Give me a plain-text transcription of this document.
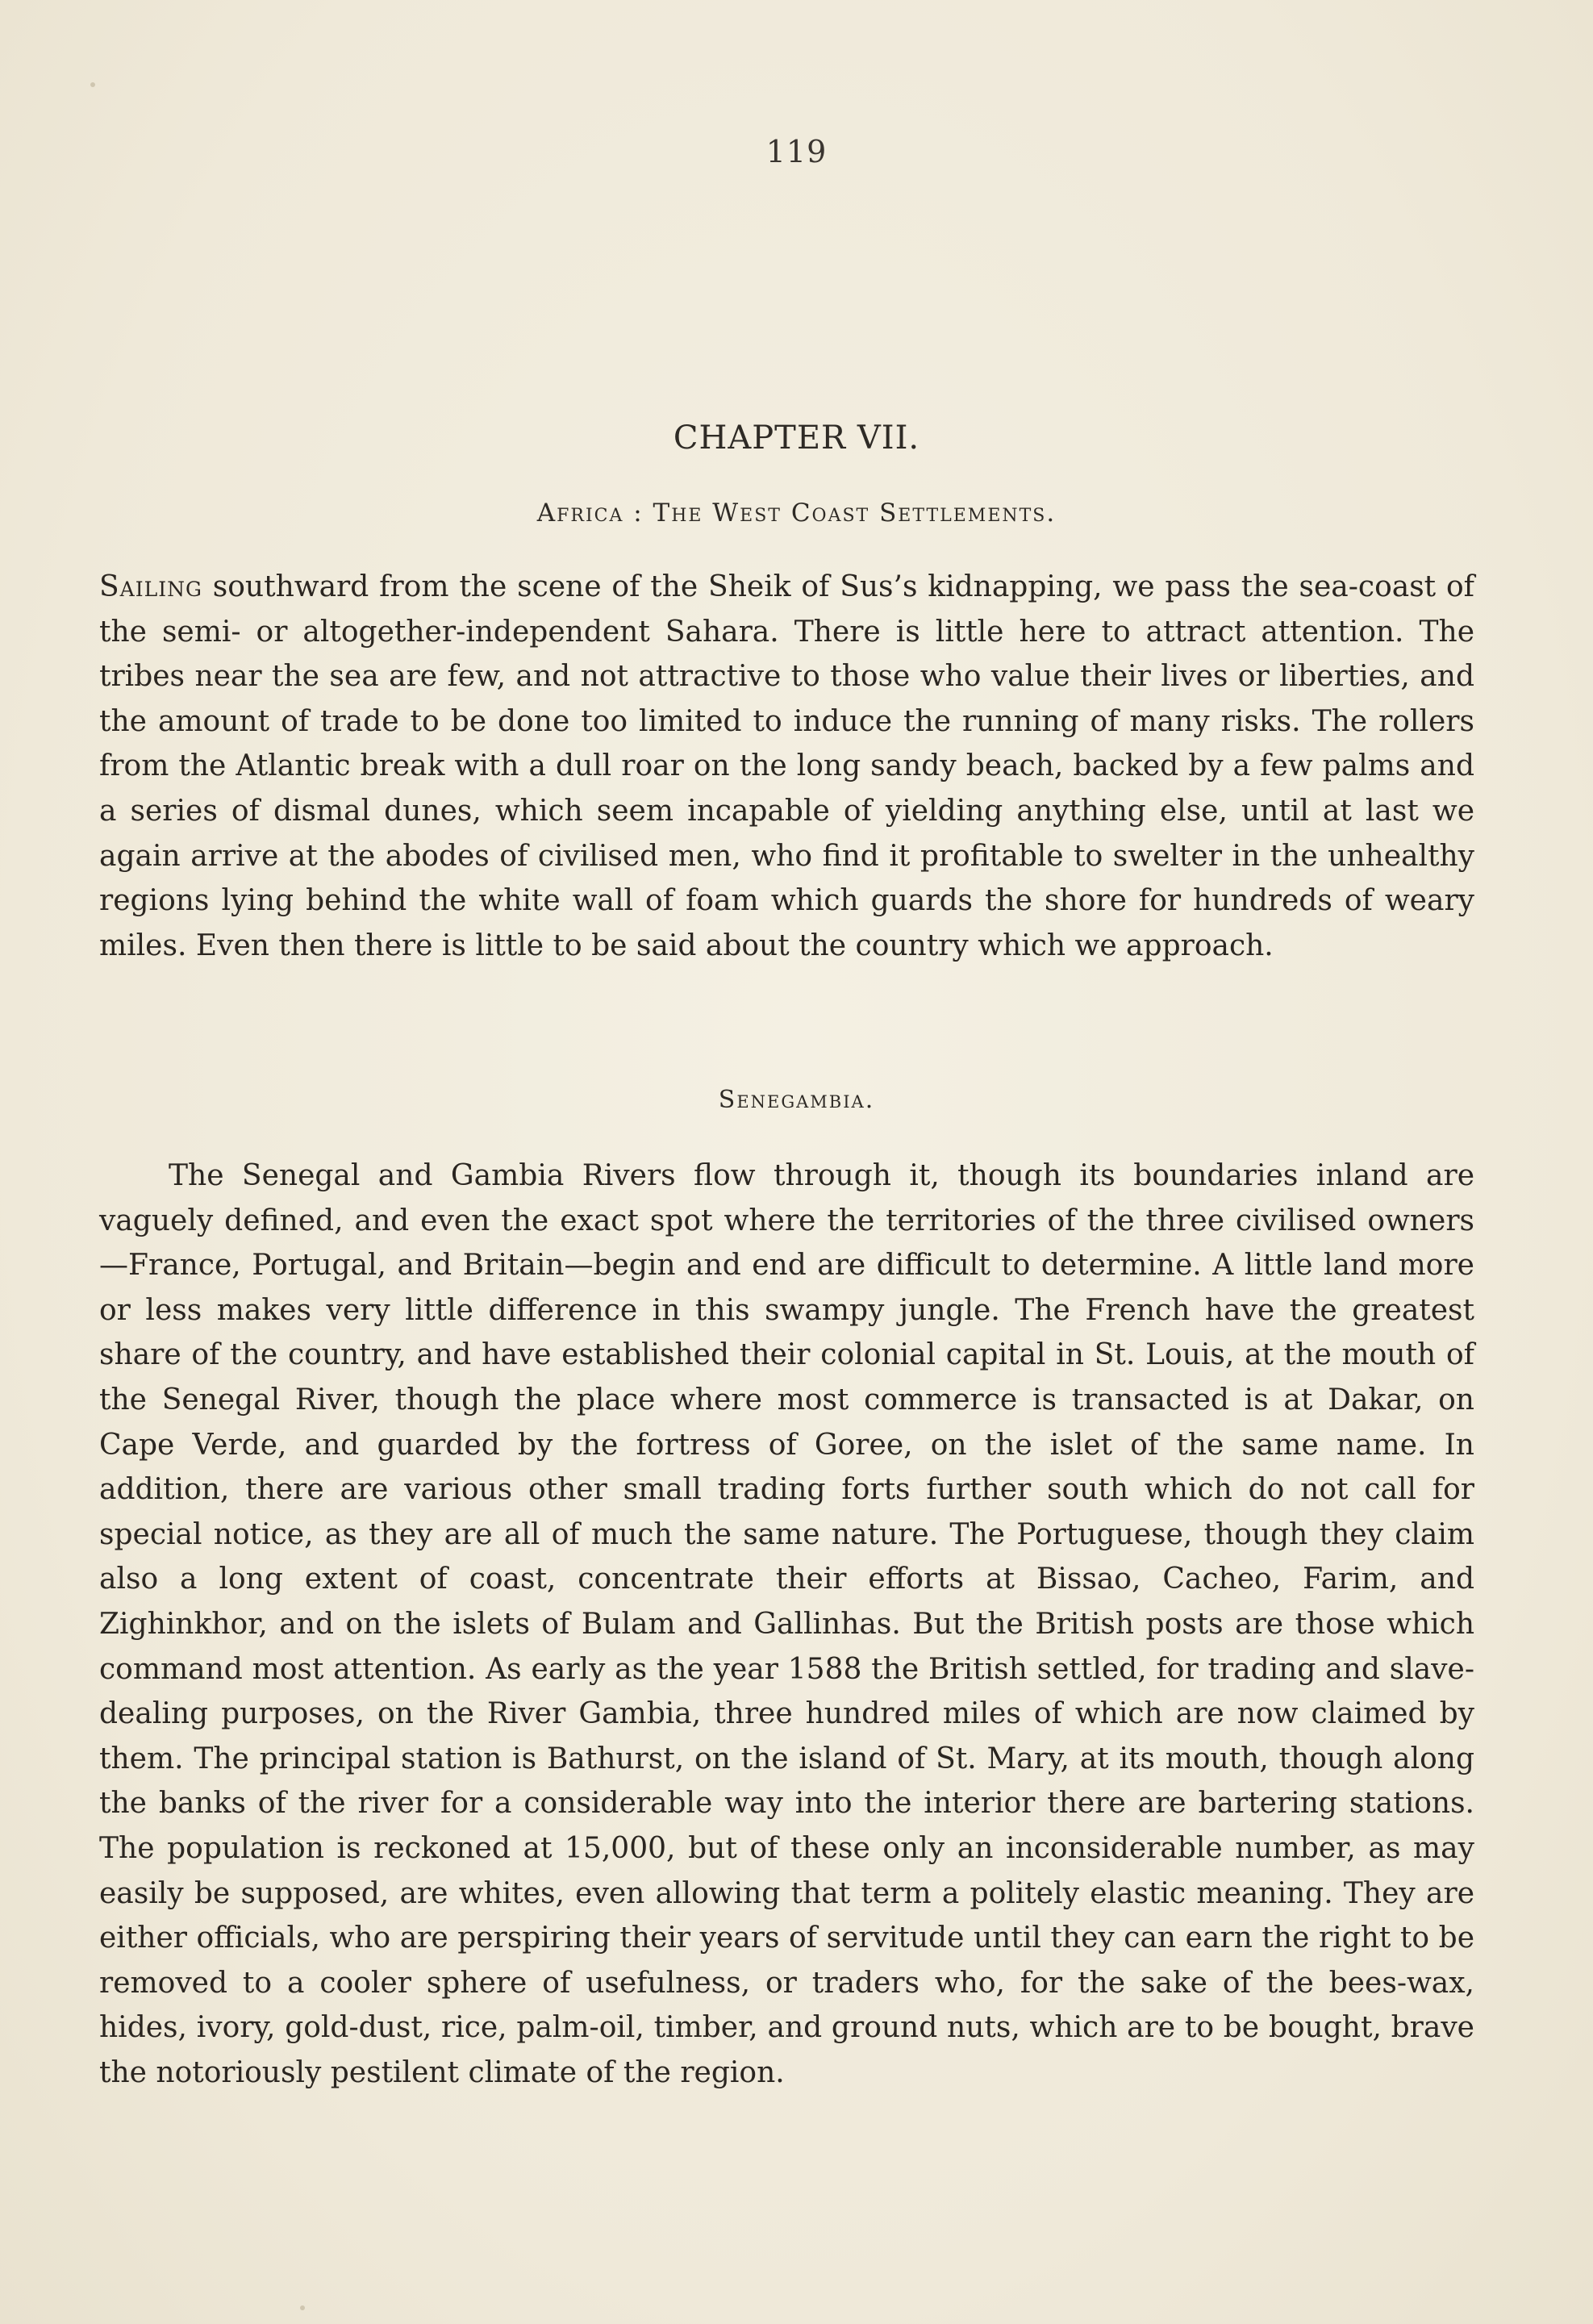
119
CHAPTER VII.
Africa : The West Coast Settlements.

Sailing southward from the scene of the Sheik of Sus’s kidnapping, we pass the sea-coast of the semi- or altogether-independent Sahara. There is little here to attract attention. The tribes near the sea are few, and not attractive to those who value their lives or liberties, and the amount of trade to be done too limited to induce the running of many risks. The rollers from the Atlantic break with a dull roar on the long sandy beach, backed by a few palms and a series of dismal dunes, which seem incapable of yielding anything else, until at last we again arrive at the abodes of civilised men, who find it profitable to swelter in the unhealthy regions lying behind the white wall of foam which guards the shore for hundreds of weary miles. Even then there is little to be said about the country which we approach.

Senegambia.

The Senegal and Gambia Rivers flow through it, though its boundaries inland are vaguely defined, and even the exact spot where the territories of the three civilised owners—France, Portugal, and Britain—begin and end are difficult to determine. A little land more or less makes very little difference in this swampy jungle. The French have the greatest share of the country, and have established their colonial capital in St. Louis, at the mouth of the Senegal River, though the place where most commerce is transacted is at Dakar, on Cape Verde, and guarded by the fortress of Goree, on the islet of the same name. In addition, there are various other small trading forts further south which do not call for special notice, as they are all of much the same nature. The Portuguese, though they claim also a long extent of coast, concentrate their efforts at Bissao, Cacheo, Farim, and Zighinkhor, and on the islets of Bulam and Gallinhas. But the British posts are those which command most attention. As early as the year 1588 the British settled, for trading and slave-dealing purposes, on the River Gambia, three hundred miles of which are now claimed by them. The principal station is Bathurst, on the island of St. Mary, at its mouth, though along the banks of the river for a considerable way into the interior there are bartering stations. The population is reckoned at 15,000, but of these only an inconsiderable number, as may easily be supposed, are whites, even allowing that term a politely elastic meaning. They are either officials, who are perspiring their years of servitude until they can earn the right to be removed to a cooler sphere of usefulness, or traders who, for the sake of the bees-wax, hides, ivory, gold-dust, rice, palm-oil, timber, and ground nuts, which are to be bought, brave the notoriously pestilent climate of the region.
